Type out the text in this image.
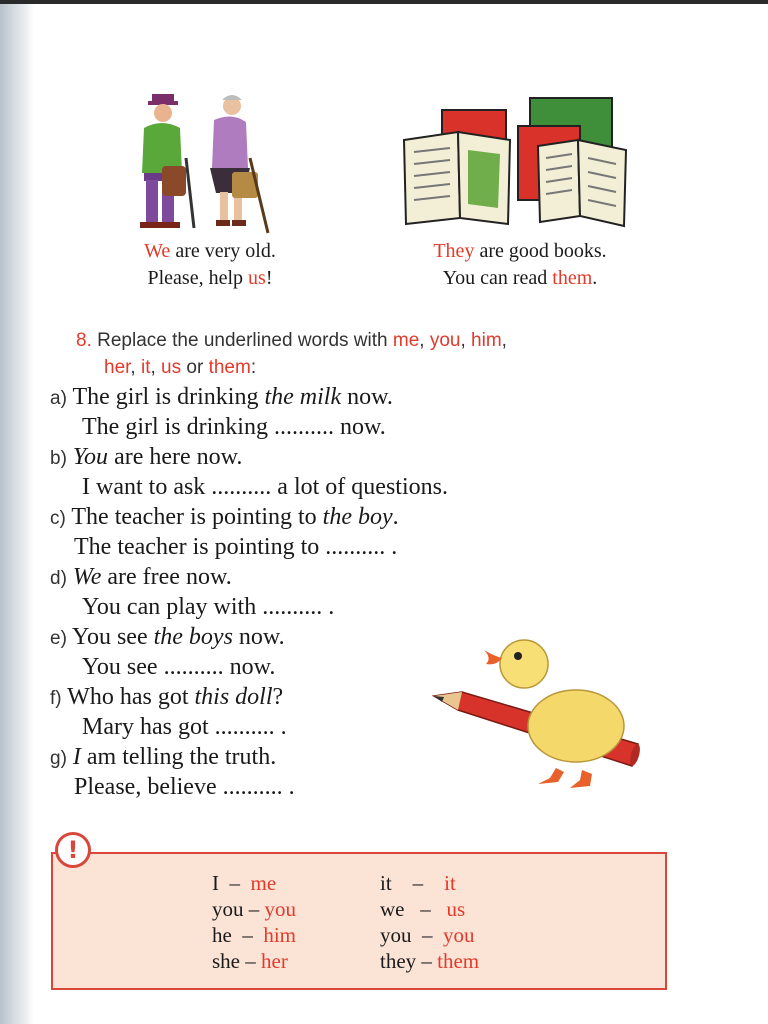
We are very old.
Please, help us!
They are good books.
You can read them.
8. Replace the underlined words with me, you, him,
her, it, us or them:
a) The girl is drinking the milk now.
The girl is drinking .......... now.
b) You are here now.
I want to ask .......... a lot of questions.
c) The teacher is pointing to the boy.
The teacher is pointing to .......... .
d) We are free now.
You can play with .......... .
e) You see the boys now.
You see .......... now.
f) Who has got this doll?
Mary has got .......... .
g) I am telling the truth.
Please, believe .......... .
!
I  –  me
you – you
he  –  him
she – her
it    –    it
we   –   us
you  –  you
they – them
